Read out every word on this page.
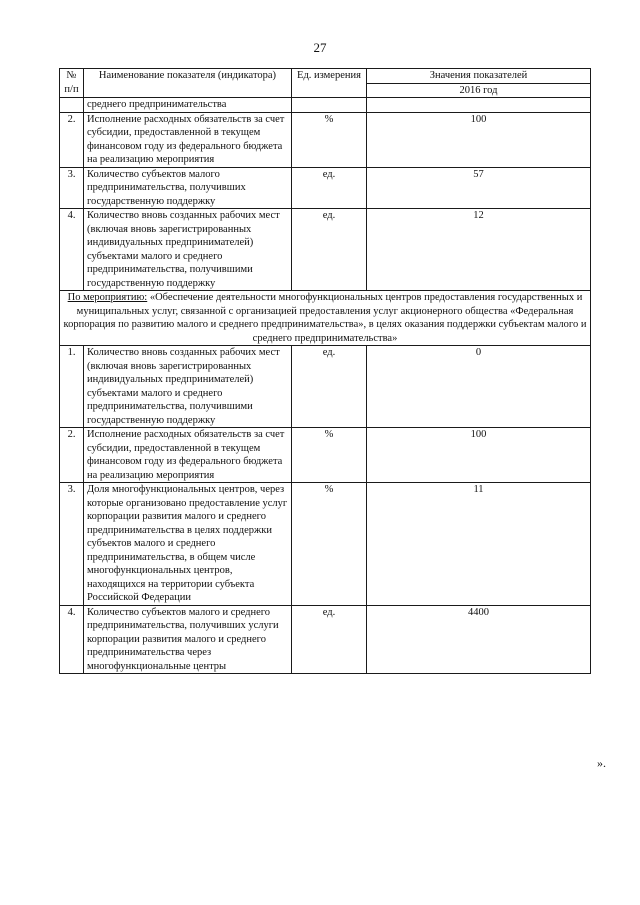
27
№ п/п	Наименование показателя (индикатора)	Ед. измерения	Значения показателей
			2016 год
	среднего предпринимательства		
2.	Исполнение расходных обязательств за счет субсидии, предоставленной в текущем финансовом году из федерального бюджета на реализацию мероприятия	%	100
3.	Количество субъектов малого предпринимательства, получивших государственную поддержку	ед.	57
4.	Количество вновь созданных рабочих мест (включая вновь зарегистрированных индивидуальных предпринимателей) субъектами малого и среднего предпринимательства, получившими государственную поддержку	ед.	12
По мероприятию: «Обеспечение деятельности многофункциональных центров предоставления государственных и муниципальных услуг, связанной с организацией предоставления услуг акционерного общества «Федеральная корпорация по развитию малого и среднего предпринимательства», в целях оказания поддержки субъектам малого и среднего предпринимательства»			
1.	Количество вновь созданных рабочих мест (включая вновь зарегистрированных индивидуальных предпринимателей) субъектами малого и среднего предпринимательства, получившими государственную поддержку	ед.	0
2.	Исполнение расходных обязательств за счет субсидии, предоставленной в текущем финансовом году из федерального бюджета на реализацию мероприятия	%	100
3.	Доля многофункциональных центров, через которые организовано предоставление услуг корпорации развития малого и среднего предпринимательства в целях поддержки субъектов малого и среднего предпринимательства, в общем числе многофункциональных центров, находящихся на территории субъекта Российской Федерации	%	11
4.	Количество субъектов малого и среднего предпринимательства, получивших услуги корпорации развития малого и среднего предпринимательства через многофункциональные центры	ед.	4400
».
